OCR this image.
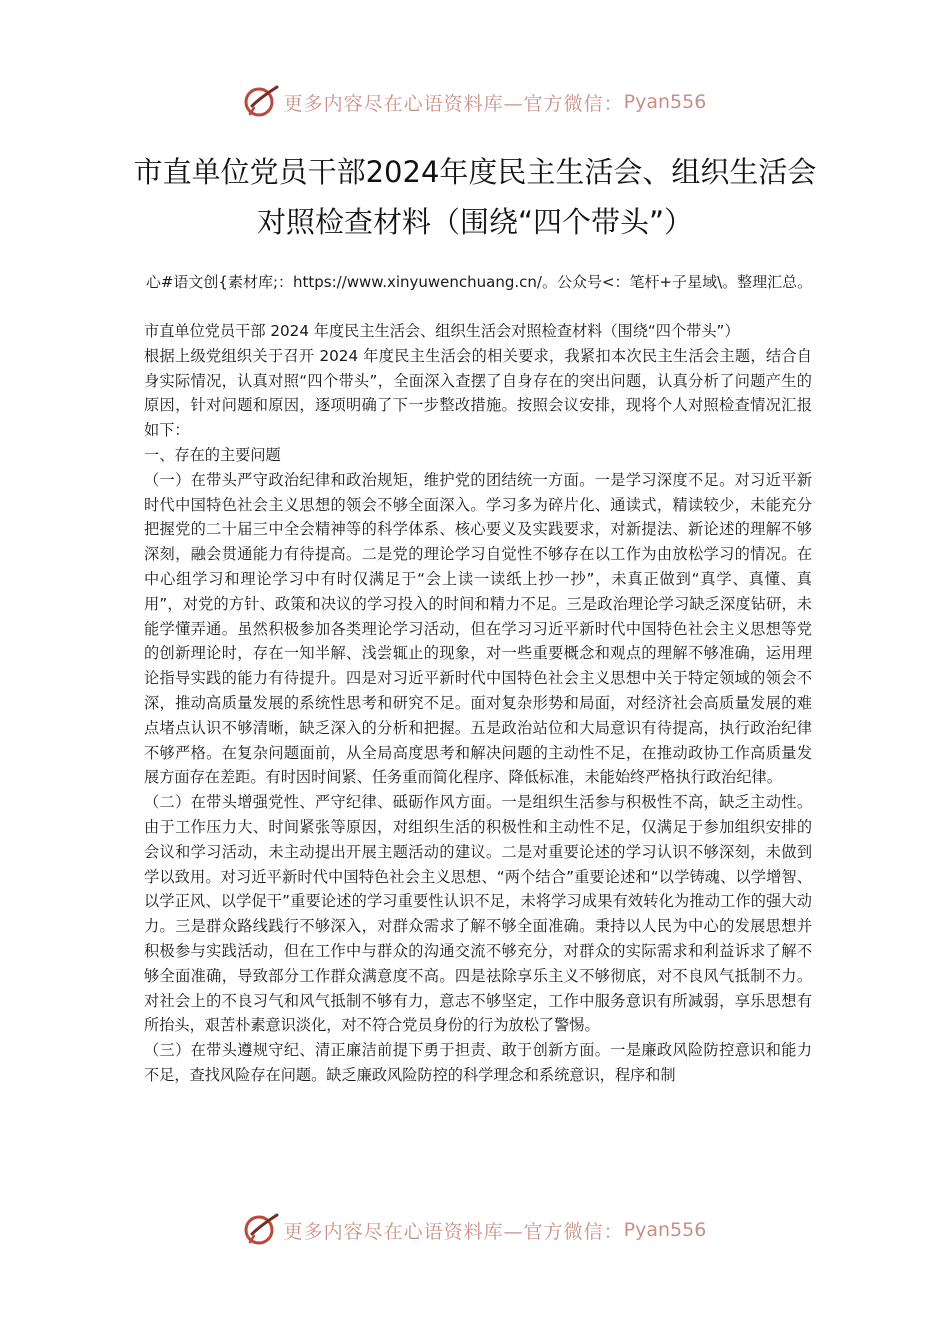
更多内容尽在心语资料库—官方微信： Pyan556
市直单位党员干部2024年度民主生活会、组织生活会对照检查材料（围绕“四个带头”）
心#语文创{素材库;：https://www.xinyuwenchuang.cn/。公众号<：笔杆+子星域\。整理汇总。

市直单位党员干部 2024 年度民主生活会、组织生活会对照检查材料（围绕“四个带头”）

根据上级党组织关于召开 2024 年度民主生活会的相关要求，我紧扣本次民主生活会主题，结合自身实际情况，认真对照“四个带头”，全面深入查摆了自身存在的突出问题，认真分析了问题产生的原因，针对问题和原因，逐项明确了下一步整改措施。按照会议安排，现将个人对照检查情况汇报如下：

一、存在的主要问题

（一）在带头严守政治纪律和政治规矩，维护党的团结统一方面。一是学习深度不足。对习近平新时代中国特色社会主义思想的领会不够全面深入。学习多为碎片化、通读式，精读较少，未能充分把握党的二十届三中全会精神等的科学体系、核心要义及实践要求，对新提法、新论述的理解不够深刻，融会贯通能力有待提高。二是党的理论学习自觉性不够存在以工作为由放松学习的情况。在中心组学习和理论学习中有时仅满足于“会上读一读纸上抄一抄”，未真正做到“真学、真懂、真用”，对党的方针、政策和决议的学习投入的时间和精力不足。三是政治理论学习缺乏深度钻研，未能学懂弄通。虽然积极参加各类理论学习活动，但在学习习近平新时代中国特色社会主义思想等党的创新理论时，存在一知半解、浅尝辄止的现象，对一些重要概念和观点的理解不够准确，运用理论指导实践的能力有待提升。四是对习近平新时代中国特色社会主义思想中关于特定领域的领会不深，推动高质量发展的系统性思考和研究不足。面对复杂形势和局面，对经济社会高质量发展的难点堵点认识不够清晰，缺乏深入的分析和把握。五是政治站位和大局意识有待提高，执行政治纪律不够严格。在复杂问题面前，从全局高度思考和解决问题的主动性不足，在推动政协工作高质量发展方面存在差距。有时因时间紧、任务重而简化程序、降低标准，未能始终严格执行政治纪律。

（二）在带头增强党性、严守纪律、砥砺作风方面。一是组织生活参与积极性不高，缺乏主动性。由于工作压力大、时间紧张等原因，对组织生活的积极性和主动性不足，仅满足于参加组织安排的会议和学习活动，未主动提出开展主题活动的建议。二是对重要论述的学习认识不够深刻，未做到学以致用。对习近平新时代中国特色社会主义思想、“两个结合”重要论述和“以学铸魂、以学增智、以学正风、以学促干”重要论述的学习重要性认识不足，未将学习成果有效转化为推动工作的强大动力。三是群众路线践行不够深入，对群众需求了解不够全面准确。秉持以人民为中心的发展思想并积极参与实践活动，但在工作中与群众的沟通交流不够充分，对群众的实际需求和利益诉求了解不够全面准确，导致部分工作群众满意度不高。四是祛除享乐主义不够彻底，对不良风气抵制不力。对社会上的不良习气和风气抵制不够有力，意志不够坚定，工作中服务意识有所减弱，享乐思想有所抬头，艰苦朴素意识淡化，对不符合党员身份的行为放松了警惕。

（三）在带头遵规守纪、清正廉洁前提下勇于担责、敢于创新方面。一是廉政风险防控意识和能力不足，查找风险存在问题。缺乏廉政风险防控的科学理念和系统意识，程序和制

更多内容尽在心语资料库—官方微信： Pyan556
